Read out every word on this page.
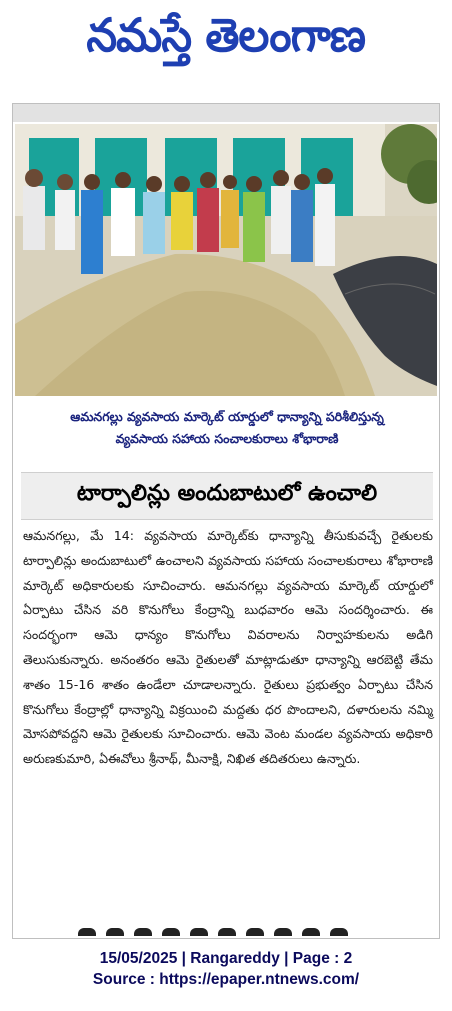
నమస్తే తెలంగాణ
ఆమనగల్లు వ్యవసాయ మార్కెట్ యార్డులో ధాన్యాన్ని పరిశీలిస్తున్న
వ్యవసాయ సహాయ సంచాలకురాలు శోభారాణి
టార్పాలిన్లు అందుబాటులో ఉంచాలి

ఆమనగల్లు, మే 14: వ్యవసాయ మార్కెట్‌కు ధాన్యాన్ని తీసుకువచ్చే రైతులకు టార్పాలిన్లు అందుబాటులో ఉంచాలని వ్యవసాయ సహాయ సంచాలకురాలు శోభారాణి మార్కెట్ అధికారులకు సూచించారు. ఆమనగల్లు వ్యవసాయ మార్కెట్ యార్డులో ఏర్పాటు చేసిన వరి కొనుగోలు కేంద్రాన్ని బుధవారం ఆమె సందర్శించారు. ఈ సందర్భంగా ఆమె ధాన్యం కొనుగోలు వివరాలను నిర్వాహకులను అడిగి తెలుసుకున్నారు. అనంతరం ఆమె రైతులతో మాట్లాడుతూ ధాన్యాన్ని ఆరబెట్టి తేమ శాతం 15-16 శాతం ఉండేలా చూడాలన్నారు. రైతులు ప్రభుత్వం ఏర్పాటు చేసిన కొనుగోలు కేంద్రాల్లో ధాన్యాన్ని విక్రయించి మద్దతు ధర పొందాలని, దళారులను నమ్మి మోసపోవద్దని ఆమె రైతులకు సూచించారు. ఆమె వెంట మండల వ్యవసాయ అధికారి అరుణకుమారి, ఏఈవోలు శ్రీనాథ్, మీనాక్షి, నిఖిత తదితరులు ఉన్నారు.

15/05/2025 | Rangareddy | Page : 2
Source : https://epaper.ntnews.com/
